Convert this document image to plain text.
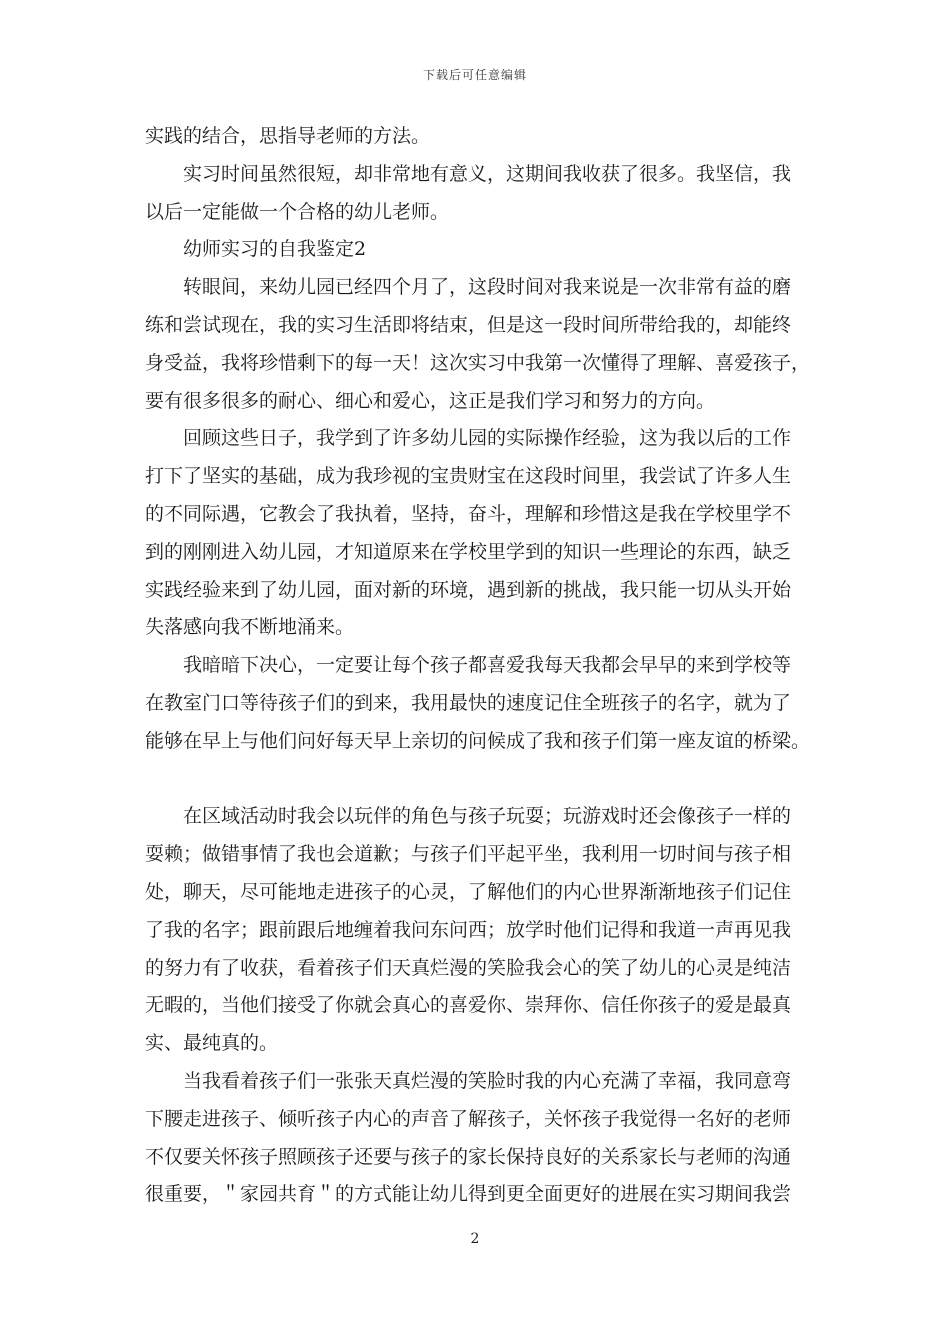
下载后可任意编辑

实践的结合，思指导老师的方法。

实习时间虽然很短，却非常地有意义，这期间我收获了很多。我坚信，我
以后一定能做一个合格的幼儿老师。

幼师实习的自我鉴定2

转眼间，来幼儿园已经四个月了，这段时间对我来说是一次非常有益的磨
练和尝试现在，我的实习生活即将结束，但是这一段时间所带给我的，却能终
身受益，我将珍惜剩下的每一天！这次实习中我第一次懂得了理解、喜爱孩子，
要有很多很多的耐心、细心和爱心，这正是我们学习和努力的方向。

回顾这些日子，我学到了许多幼儿园的实际操作经验，这为我以后的工作
打下了坚实的基础，成为我珍视的宝贵财宝在这段时间里，我尝试了许多人生
的不同际遇，它教会了我执着，坚持，奋斗，理解和珍惜这是我在学校里学不
到的刚刚进入幼儿园，才知道原来在学校里学到的知识一些理论的东西，缺乏
实践经验来到了幼儿园，面对新的环境，遇到新的挑战，我只能一切从头开始
失落感向我不断地涌来。

我暗暗下决心，一定要让每个孩子都喜爱我每天我都会早早的来到学校等
在教室门口等待孩子们的到来，我用最快的速度记住全班孩子的名字，就为了
能够在早上与他们问好每天早上亲切的问候成了我和孩子们第一座友谊的桥梁。

在区域活动时我会以玩伴的角色与孩子玩耍；玩游戏时还会像孩子一样的
耍赖；做错事情了我也会道歉；与孩子们平起平坐，我利用一切时间与孩子相
处，聊天，尽可能地走进孩子的心灵，了解他们的内心世界渐渐地孩子们记住
了我的名字；跟前跟后地缠着我问东问西；放学时他们记得和我道一声再见我
的努力有了收获，看着孩子们天真烂漫的笑脸我会心的笑了幼儿的心灵是纯洁
无暇的，当他们接受了你就会真心的喜爱你、崇拜你、信任你孩子的爱是最真
实、最纯真的。

当我看着孩子们一张张天真烂漫的笑脸时我的内心充满了幸福，我同意弯
下腰走进孩子、倾听孩子内心的声音了解孩子，关怀孩子我觉得一名好的老师
不仅要关怀孩子照顾孩子还要与孩子的家长保持良好的关系家长与老师的沟通
很重要，＂家园共育＂的方式能让幼儿得到更全面更好的进展在实习期间我尝

2
